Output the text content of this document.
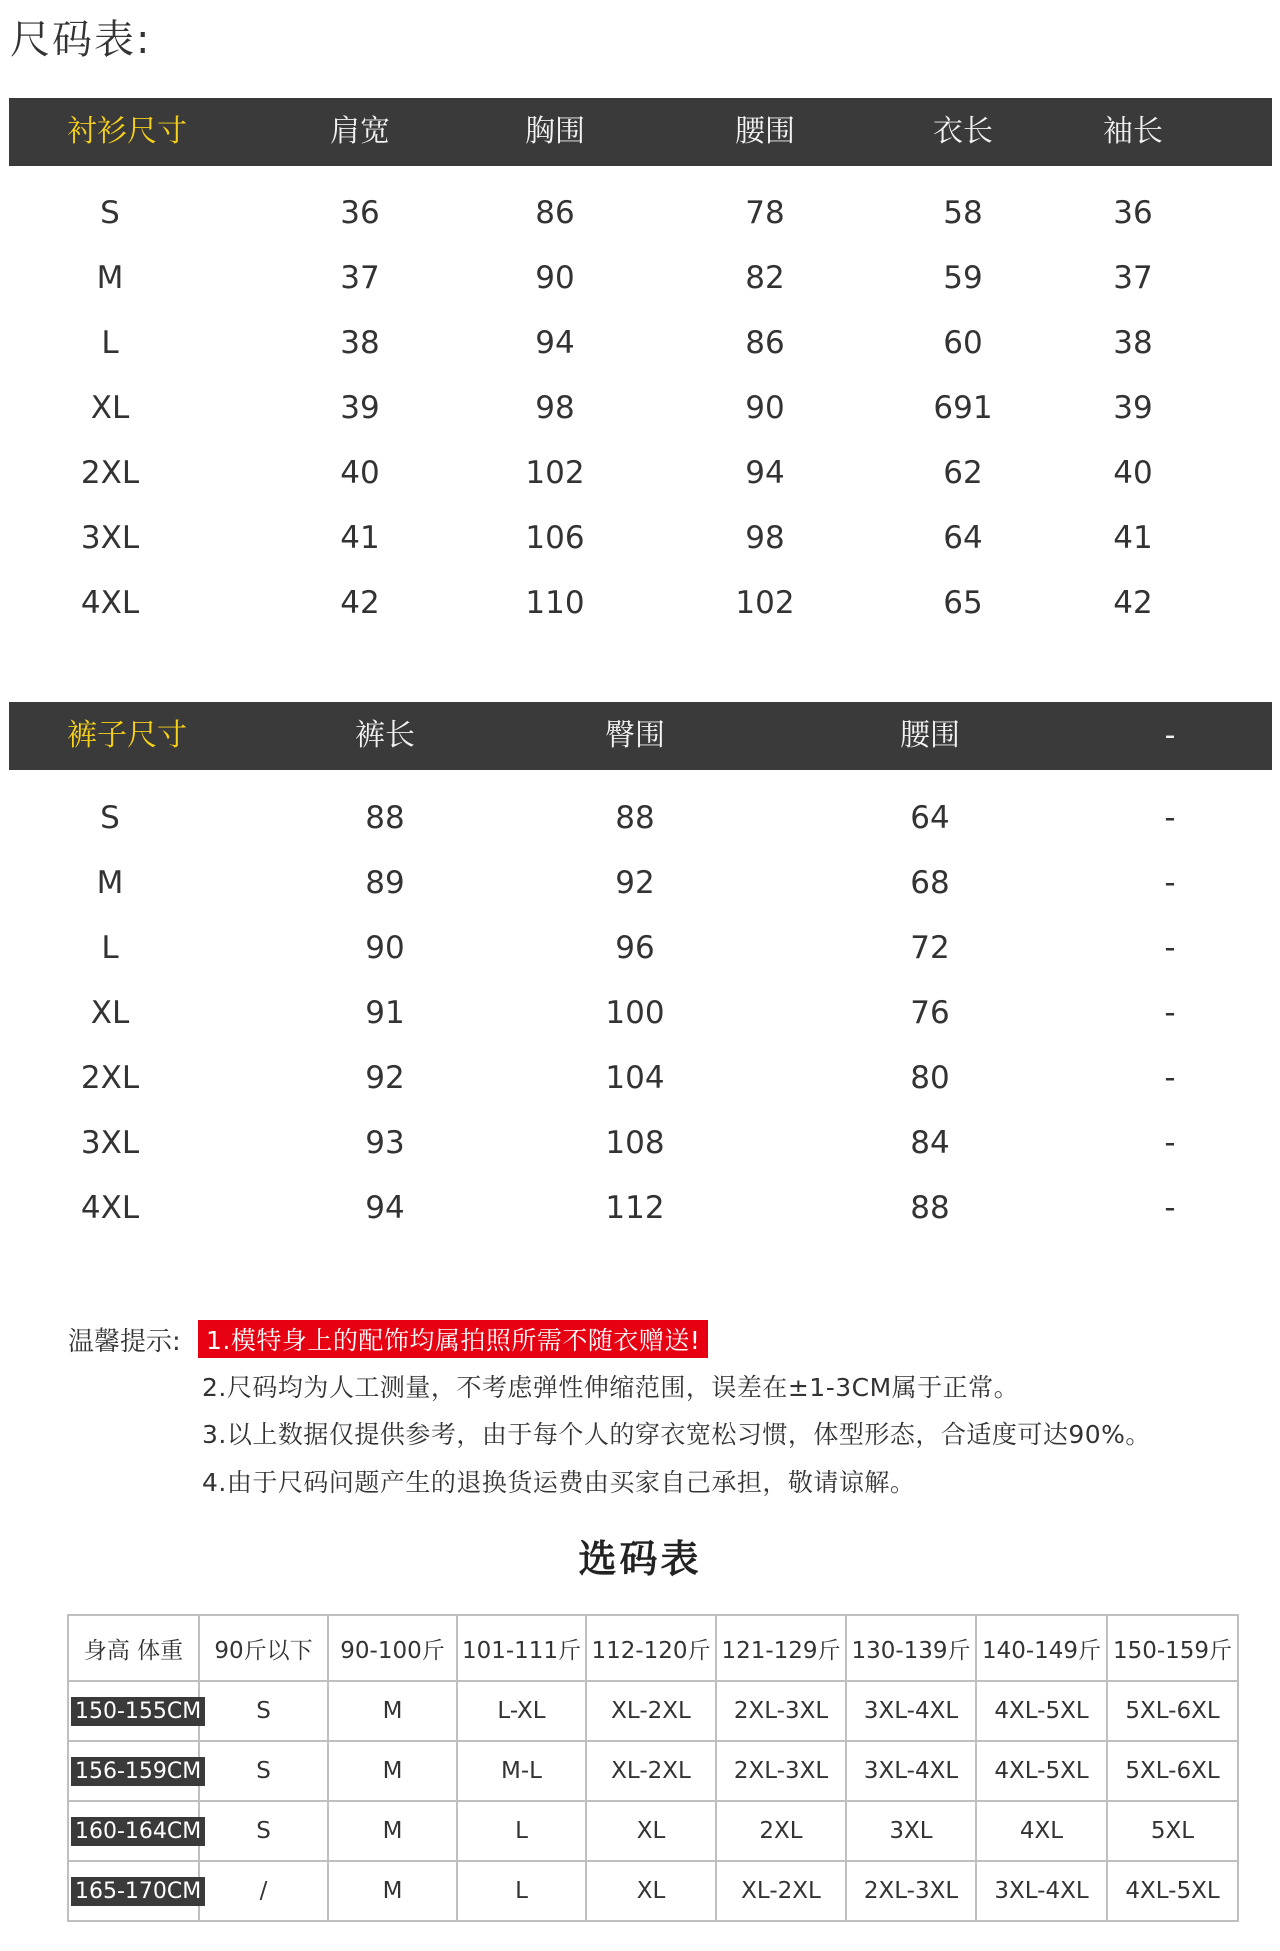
尺码表:
衬衫尺寸	肩宽	胸围	腰围	衣长	袖长
S	36	86	78	58	36
M	37	90	82	59	37
L	38	94	86	60	38
XL	39	98	90	691	39
2XL	40	102	94	62	40
3XL	41	106	98	64	41
4XL	42	110	102	65	42
裤子尺寸	裤长	臀围	腰围	-
S	88	88	64	-
M	89	92	68	-
L	90	96	72	-
XL	91	100	76	-
2XL	92	104	80	-
3XL	93	108	84	-
4XL	94	112	88	-
温馨提示:	1.模特身上的配饰均属拍照所需不随衣赠送!
2.尺码均为人工测量，不考虑弹性伸缩范围，误差在±1-3CM属于正常。
3.以上数据仅提供参考，由于每个人的穿衣宽松习惯，体型形态，合适度可达90%。
4.由于尺码问题产生的退换货运费由买家自己承担，敬请谅解。
选码表
身高 体重	90斤以下	90-100斤	101-111斤	112-120斤	121-129斤	130-139斤	140-149斤	150-159斤
150-155CM	S	M	L-XL	XL-2XL	2XL-3XL	3XL-4XL	4XL-5XL	5XL-6XL
156-159CM	S	M	M-L	XL-2XL	2XL-3XL	3XL-4XL	4XL-5XL	5XL-6XL
160-164CM	S	M	L	XL	2XL	3XL	4XL	5XL
165-170CM	/	M	L	XL	XL-2XL	2XL-3XL	3XL-4XL	4XL-5XL
